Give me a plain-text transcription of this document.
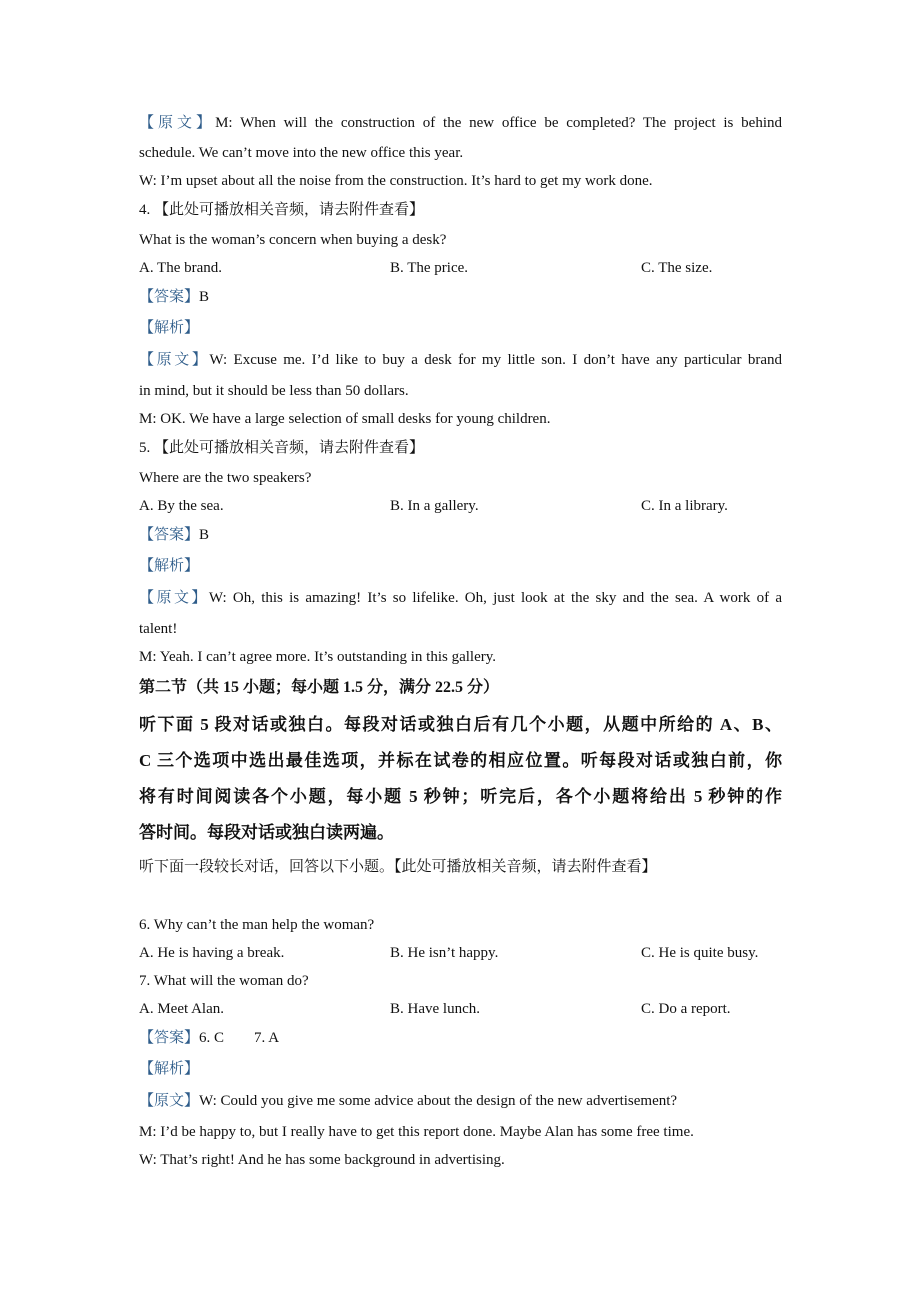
【原文】M: When will the construction of the new office be completed? The project is behind
schedule. We can’t move into the new office this year.
W: I’m upset about all the noise from the construction. It’s hard to get my work done.
4. 【此处可播放相关音频，请去附件查看】
What is the woman’s concern when buying a desk?
A. The brand.	B. The price.	C. The size.
【答案】B
【解析】
【原文】W: Excuse me. I’d like to buy a desk for my little son. I don’t have any particular brand
in mind, but it should be less than 50 dollars.
M: OK. We have a large selection of small desks for young children.
5. 【此处可播放相关音频，请去附件查看】
Where are the two speakers?
A. By the sea.	B. In a gallery.	C. In a library.
【答案】B
【解析】
【原文】W: Oh, this is amazing! It’s so lifelike. Oh, just look at the sky and the sea. A work of a
talent!
M: Yeah. I can’t agree more. It’s outstanding in this gallery.
第二节（共 15 小题；每小题 1.5 分，满分 22.5 分）
听下面 5 段对话或独白。每段对话或独白后有几个小题，从题中所给的 A、B、
C 三个选项中选出最佳选项，并标在试卷的相应位置。听每段对话或独白前，你
将有时间阅读各个小题，每小题 5 秒钟；听完后，各个小题将给出 5 秒钟的作
答时间。每段对话或独白读两遍。
听下面一段较长对话，回答以下小题。【此处可播放相关音频，请去附件查看】
6. Why can’t the man help the woman?
A. He is having a break.	B. He isn’t happy.	C. He is quite busy.
7. What will the woman do?
A. Meet Alan.	B. Have lunch.	C. Do a report.
【答案】6. C 7. A
【解析】
【原文】W: Could you give me some advice about the design of the new advertisement?
M: I’d be happy to, but I really have to get this report done. Maybe Alan has some free time.
W: That’s right! And he has some background in advertising.
